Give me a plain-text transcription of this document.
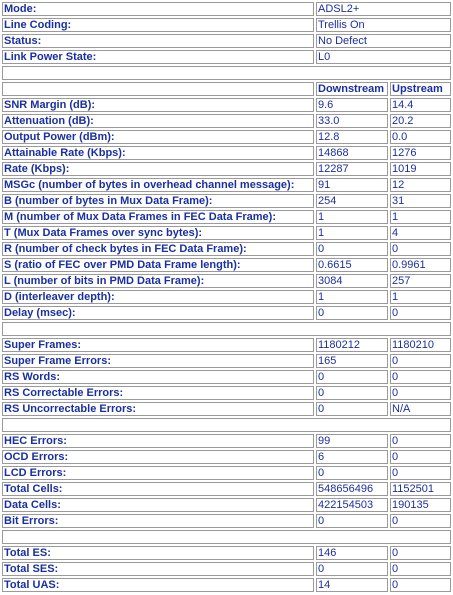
Mode:	ADSL2+	
Line Coding:	Trellis On	
Status:	No Defect	
Link Power State:	L0	

	Downstream	Upstream
SNR Margin (dB):	9.6	14.4
Attenuation (dB):	33.0	20.2
Output Power (dBm):	12.8	0.0
Attainable Rate (Kbps):	14868	1276
Rate (Kbps):	12287	1019
MSGc (number of bytes in overhead channel message):	91	12
B (number of bytes in Mux Data Frame):	254	31
M (number of Mux Data Frames in FEC Data Frame):	1	1
T (Mux Data Frames over sync bytes):	1	4
R (number of check bytes in FEC Data Frame):	0	0
S (ratio of FEC over PMD Data Frame length):	0.6615	0.9961
L (number of bits in PMD Data Frame):	3084	257
D (interleaver depth):	1	1
Delay (msec):	0	0

Super Frames:	1180212	1180210
Super Frame Errors:	165	0
RS Words:	0	0
RS Correctable Errors:	0	0
RS Uncorrectable Errors:	0	N/A

HEC Errors:	99	0
OCD Errors:	6	0
LCD Errors:	0	0
Total Cells:	548656496	1152501
Data Cells:	422154503	190135
Bit Errors:	0	0

Total ES:	146	0
Total SES:	0	0
Total UAS:	14	0
